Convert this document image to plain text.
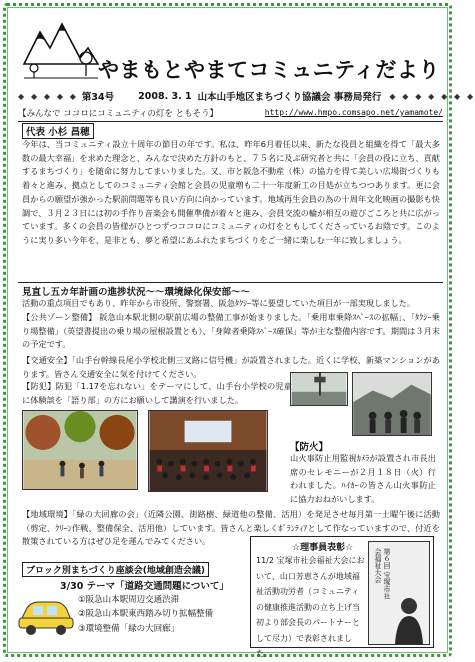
やまもとやまてコミュニティだより
◆ ◆ ◆ ◆ ◆ 第34号	2008. 3. 1 山本山手地区まちづくり協議会 事務局発行 ◆ ◆ ◆ ◆ ◆ ◆ ◆
【みんなで ココロにコミュニティの灯を ともそう】	http://www.hmpo.comsapo.net/yamamote/
代表 小杉 昌穂

今年は、当コミュニティ設立十周年の節目の年です。私は、昨年6月着任以来、新たな役員と組織を得て「最大多数の最大幸福」を求めた理念と、みんなで決めた方針のもと、７５名に及ぶ研究者と共に「会員の役に立ち、貢献するまちづくり」を随命に努力してまいりました。又、市と阪急不動産（株）の協力を得て美しい広場街づくりも着々と進み、拠点としてのコミュニティ会館と会員の児童増も二十一年度新工の目処が立ちつつあります。更に会員からの願望が強かった駅前問題等も良い方向に向かっています。地域再生会員の為の十周年文化映画の撮影も快調で、３月２３日には初の手作り音楽会も開催準備が着々と進み、会員交流の輪が相互の遊びごころと共に広がっています。多くの会員の皆様がひとつずつココロにコミュニティの灯をともしてくださっているお陰です。このように実り多い今年を、是非とも、夢と希望にあふれたまちづくりをご一緒に楽しむ一年に致しましょう。

見直し五カ年計画の進捗状況～～環境緑化保安部～～

活動の重点項目でもあり、昨年から市役所、警察署、阪急ﾀｸｼｰ等に要望していた項目が一部実現しました。

【公共ゾーン整備】 阪急山本駅北側の駅前広場の整備工事が始まりました。「乗用車乗降ｽﾍﾟｰｽの拡幅」、「ﾀｸｼｰ乗り場整備」（英望書提出の乗り場の屋根設置とも）、「身障者乗降ｽﾍﾟｰｽ確保」等が主な整備内容です。期間は３月末の予定です。

【交通安全】「山手台幹線長尾小学校北側三叉路に信号機」が設置されました。近くに学校、新築マンションがあります。皆さん交通安全に気を付けてください。

【防犯】防犯「1.17を忘れない」をテーマにして、山手台小学校の児童に体験談を「語り部」の方にお願いして講演を行いました。

【防火】

山火事防止用監視ｶﾒﾗが設置され市長出席のセレモニーが２月１８日（火）行われました。ﾊｲｶｰの皆さん山火事防止に協力おねがいします。

【地域環境】「緑の大回廊の会」（近隣公園、街路樹、緑道他の整備、活用）を発足させ毎月第一土曜午後に活動（剪定、ｸﾘｰﾝ作戦、整備保全、活用他）しています。皆さんと楽しくﾎﾞﾗﾝﾃｨｱとして作なっていますので、付近を散策されている方はぜひ足を運んでみてください。

ブロック別まちづくり座談会(地域創造会議)
3/30 テーマ「道路交通問題について」
①阪急山本駅周辺交通渋滞
②阪急山本駅東西踏み切り拡幅整備
③環境整備「緑の大回廊」
☆理事員表彰☆
11/2 宝塚市社会福祉大会において、山口芳恵さんが地域福祉活動功労者（コミュニティの健康推進活動の立ち上げ当初より部会長のパートナーとして尽力）で表彰されました。
第６回 宝塚市社会福祉大会
